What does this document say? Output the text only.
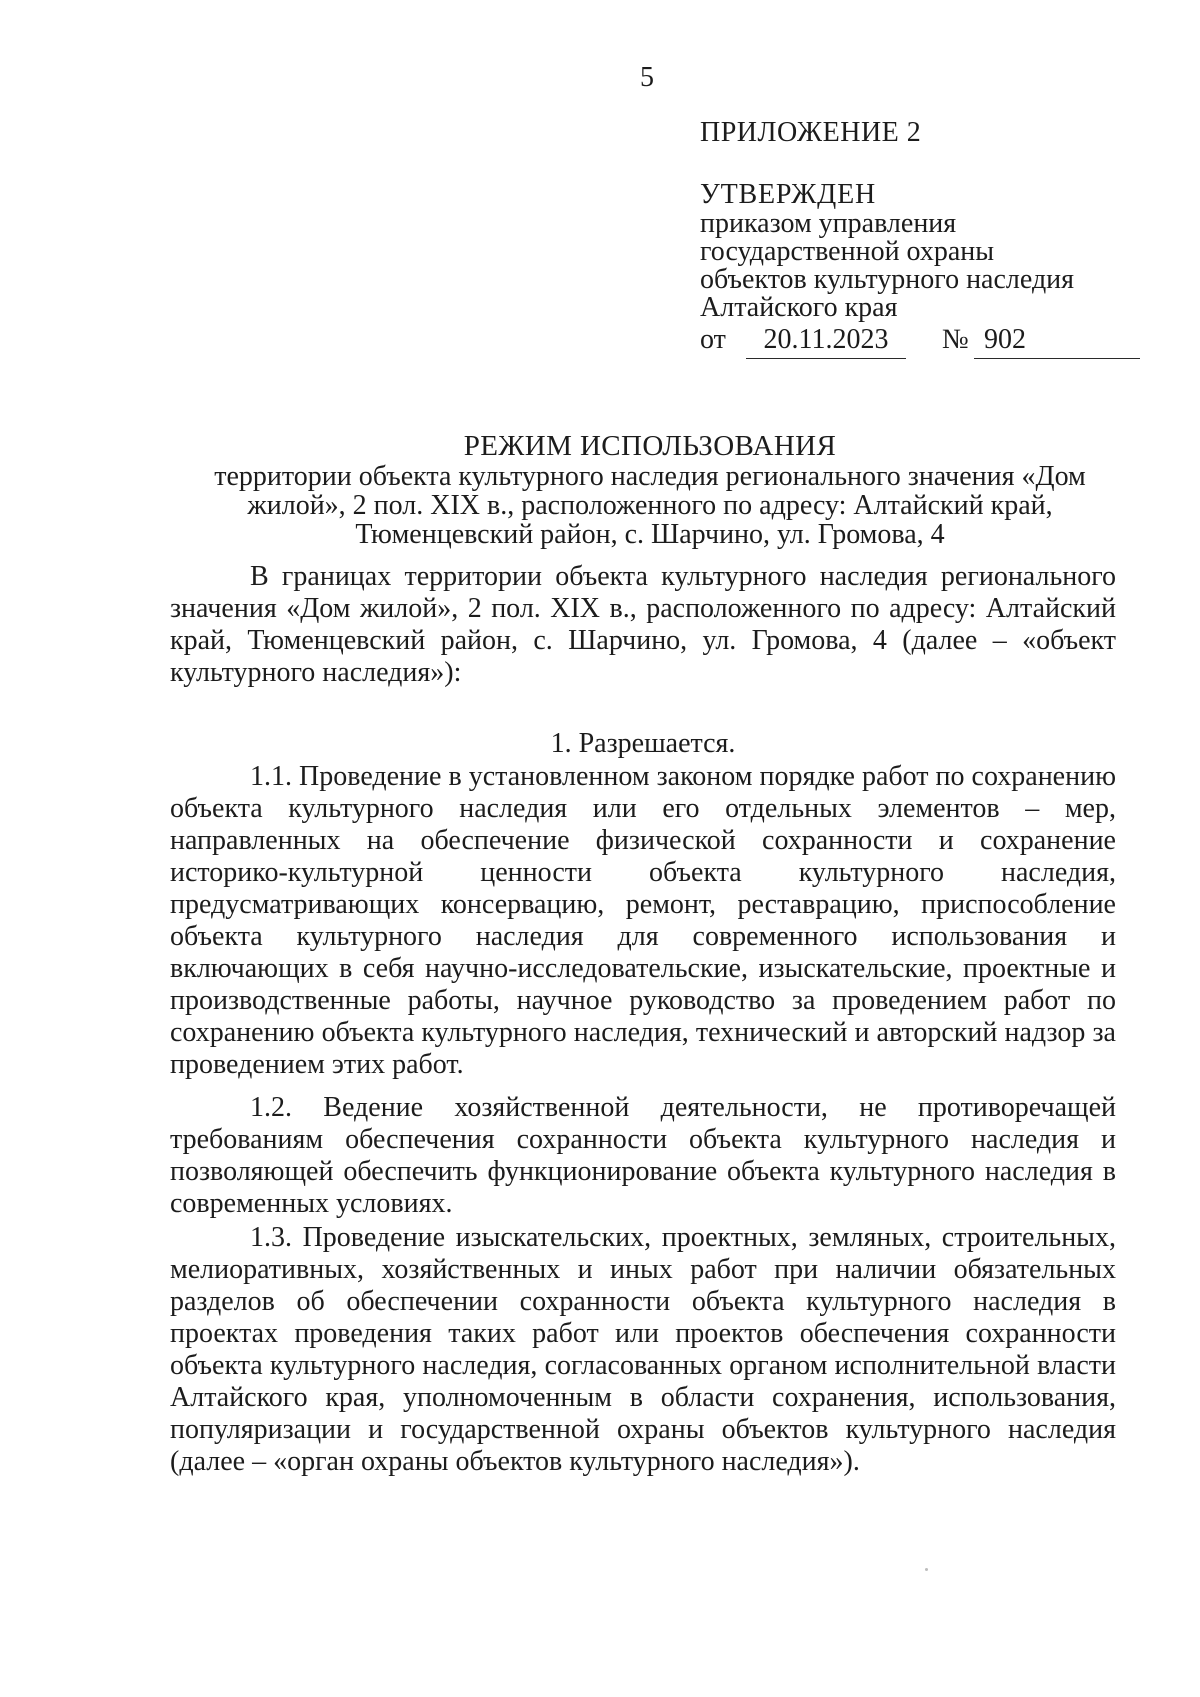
5
ПРИЛОЖЕНИЕ 2
УТВЕРЖДЕН
приказом управления
государственной охраны
объектов культурного наследия
Алтайского края
от	20.11.2023	№ 902
РЕЖИМ ИСПОЛЬЗОВАНИЯ
территории объекта культурного наследия регионального значения «Дом жилой», 2 пол. XIX в., расположенного по адресу: Алтайский край, Тюменцевский район, с. Шарчино, ул. Громова, 4

В границах территории объекта культурного наследия регионального значения «Дом жилой», 2 пол. XIX в., расположенного по адресу: Алтайский край, Тюменцевский район, с. Шарчино, ул. Громова, 4 (далее – «объект культурного наследия»):

1. Разрешается.

1.1. Проведение в установленном законом порядке работ по сохранению объекта культурного наследия или его отдельных элементов – мер, направленных на обеспечение физической сохранности и сохранение историко-культурной ценности объекта культурного наследия, предусматривающих консервацию, ремонт, реставрацию, приспособление объекта культурного наследия для современного использования и включающих в себя научно-исследовательские, изыскательские, проектные и производственные работы, научное руководство за проведением работ по сохранению объекта культурного наследия, технический и авторский надзор за проведением этих работ.

1.2. Ведение хозяйственной деятельности, не противоречащей требованиям обеспечения сохранности объекта культурного наследия и позволяющей обеспечить функционирование объекта культурного наследия в современных условиях.

1.3. Проведение изыскательских, проектных, земляных, строительных, мелиоративных, хозяйственных и иных работ при наличии обязательных разделов об обеспечении сохранности объекта культурного наследия в проектах проведения таких работ или проектов обеспечения сохранности объекта культурного наследия, согласованных органом исполнительной власти Алтайского края, уполномоченным в области сохранения, использования, популяризации и государственной охраны объектов культурного наследия (далее – «орган охраны объектов культурного наследия»).
